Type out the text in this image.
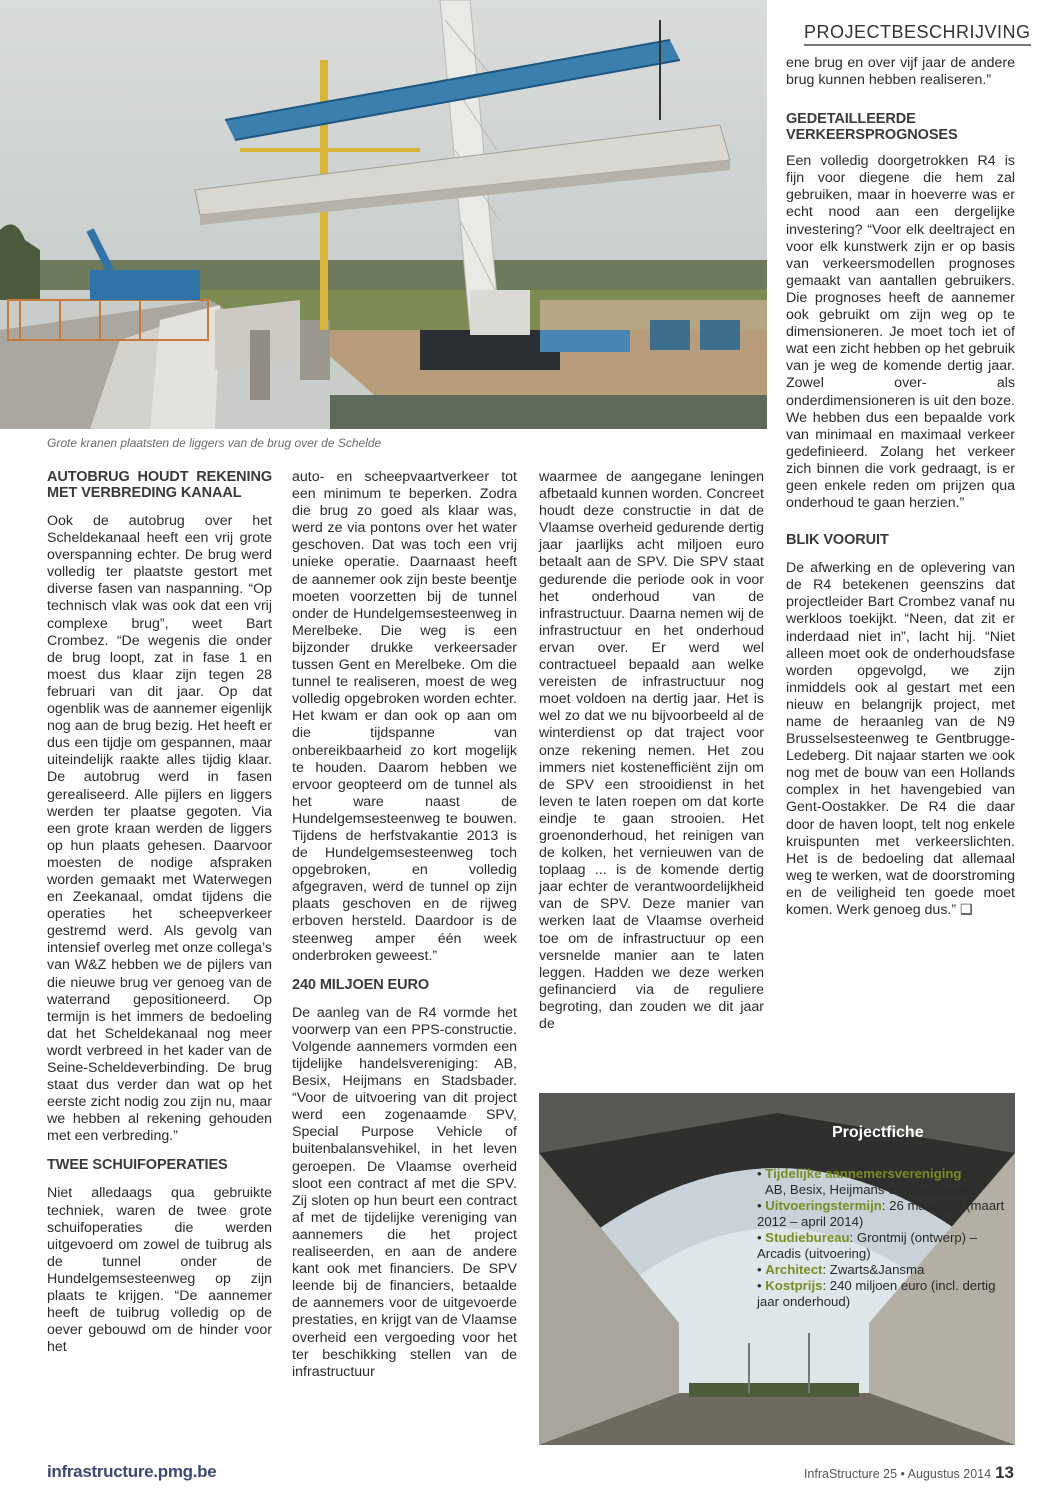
Grote kranen plaatsten de liggers van de brug over de Schelde
PROJECTBESCHRIJVING
AUTOBRUG HOUDT REKENING MET VERBREDING KANAAL

Ook de autobrug over het Scheldekanaal heeft een vrij grote overspanning echter. De brug werd volledig ter plaatste gestort met diverse fasen van naspanning. “Op technisch vlak was ook dat een vrij complexe brug”, weet Bart Crombez. “De wegenis die onder de brug loopt, zat in fase 1 en moest dus klaar zijn tegen 28 februari van dit jaar. Op dat ogenblik was de aannemer eigenlijk nog aan de brug bezig. Het heeft er dus een tijdje om gespannen, maar uiteindelijk raakte alles tijdig klaar. De autobrug werd in fasen gerealiseerd. Alle pijlers en liggers werden ter plaatse gegoten. Via een grote kraan werden de liggers op hun plaats gehesen. Daarvoor moesten de nodige afspraken worden gemaakt met Waterwegen en Zeekanaal, omdat tijdens die operaties het scheepverkeer gestremd werd. Als gevolg van intensief overleg met onze collega’s van W&Z hebben we de pijlers van die nieuwe brug ver genoeg van de waterrand gepositioneerd. Op termijn is het immers de bedoeling dat het Scheldekanaal nog meer wordt verbreed in het kader van de Seine-Scheldeverbinding. De brug staat dus verder dan wat op het eerste zicht nodig zou zijn nu, maar we hebben al rekening gehouden met een verbreding.”

TWEE SCHUIFOPERATIES

Niet alledaags qua gebruikte techniek, waren de twee grote schuifoperaties die werden uitgevoerd om zowel de tuibrug als de tunnel onder de Hundelgemsesteenweg op zijn plaats te krijgen. “De aannemer heeft de tuibrug volledig op de oever gebouwd om de hinder voor het

auto- en scheepvaartverkeer tot een minimum te beperken. Zodra die brug zo goed als klaar was, werd ze via pontons over het water geschoven. Dat was toch een vrij unieke operatie. Daarnaast heeft de aannemer ook zijn beste beentje moeten voorzetten bij de tunnel onder de Hundelgemsesteenweg in Merelbeke. Die weg is een bijzonder drukke verkeersader tussen Gent en Merelbeke. Om die tunnel te realiseren, moest de weg volledig opgebroken worden echter. Het kwam er dan ook op aan om die tijdspanne van onbereikbaarheid zo kort mogelijk te houden. Daarom hebben we ervoor geopteerd om de tunnel als het ware naast de Hundelgemsesteenweg te bouwen. Tijdens de herfstvakantie 2013 is de Hundelgemsesteenweg toch opgebroken, en volledig afgegraven, werd de tunnel op zijn plaats geschoven en de rijweg erboven hersteld. Daardoor is de steenweg amper één week onderbroken geweest.”

240 MILJOEN EURO

De aanleg van de R4 vormde het voorwerp van een PPS-constructie. Volgende aannemers vormden een tijdelijke handelsvereniging: AB, Besix, Heijmans en Stadsbader. “Voor de uitvoering van dit project werd een zogenaamde SPV, Special Purpose Vehicle of buitenbalansvehikel, in het leven geroepen. De Vlaamse overheid sloot een contract af met die SPV. Zij sloten op hun beurt een contract af met de tijdelijke vereniging van aannemers die het project realiseerden, en aan de andere kant ook met financiers. De SPV leende bij de financiers, betaalde de aannemers voor de uitgevoerde prestaties, en krijgt van de Vlaamse overheid een vergoeding voor het ter beschikking stellen van de infrastructuur

waarmee de aangegane leningen afbetaald kunnen worden. Concreet houdt deze constructie in dat de Vlaamse overheid gedurende dertig jaar jaarlijks acht miljoen euro betaalt aan de SPV. Die SPV staat gedurende die periode ook in voor het onderhoud van de infrastructuur. Daarna nemen wij de infrastructuur en het onderhoud ervan over. Er werd wel contractueel bepaald aan welke vereisten de infrastructuur nog moet voldoen na dertig jaar. Het is wel zo dat we nu bijvoorbeeld al de winterdienst op dat traject voor onze rekening nemen. Het zou immers niet kostenefficiënt zijn om de SPV een strooidienst in het leven te laten roepen om dat korte eindje te gaan strooien. Het groenonderhoud, het reinigen van de kolken, het vernieuwen van de toplaag ... is de komende dertig jaar echter de verantwoordelijkheid van de SPV. Deze manier van werken laat de Vlaamse overheid toe om de infrastructuur op een versnelde manier aan te laten leggen. Hadden we deze werken gefinancierd via de reguliere begroting, dan zouden we dit jaar de

ene brug en over vijf jaar de andere brug kunnen hebben realiseren.”

GEDETAILLEERDE VERKEERSPROGNOSES

Een volledig doorgetrokken R4 is fijn voor diegene die hem zal gebruiken, maar in hoeverre was er echt nood aan een dergelijke investering? “Voor elk deeltraject en voor elk kunstwerk zijn er op basis van verkeersmodellen prognoses gemaakt van aantallen gebruikers. Die prognoses heeft de aannemer ook gebruikt om zijn weg op te dimensioneren. Je moet toch iet of wat een zicht hebben op het gebruik van je weg de komende dertig jaar. Zowel over- als onderdimensioneren is uit den boze. We hebben dus een bepaalde vork van minimaal en maximaal verkeer gedefinieerd. Zolang het verkeer zich binnen die vork gedraagt, is er geen enkele reden om prijzen qua onderhoud te gaan herzien.”

BLIK VOORUIT

De afwerking en de oplevering van de R4 betekenen geenszins dat projectleider Bart Crombez vanaf nu werkloos toekijkt. “Neen, dat zit er inderdaad niet in”, lacht hij. “Niet alleen moet ook de onderhoudsfase worden opgevolgd, we zijn inmiddels ook al gestart met een nieuw en belangrijk project, met name de heraanleg van de N9 Brusselsesteenweg te Gentbrugge-Ledeberg. Dit najaar starten we ook nog met de bouw van een Hollands complex in het havengebied van Gent-Oostakker. De R4 die daar door de haven loopt, telt nog enkele kruispunten met verkeerslichten. Het is de bedoeling dat allemaal weg te werken, wat de doorstroming en de veiligheid ten goede moet komen. Werk genoeg dus.” ❑

Projectfiche
• Tijdelijke aannemersvereniging:
AB, Besix, Heijmans en Stadsbader
• Uitvoeringstermijn: 26 maanden (maart 2012 – april 2014)
• Studiebureau: Grontmij (ontwerp) – Arcadis (uitvoering)
• Architect: Zwarts&Jansma
• Kostprijs: 240 miljoen euro (incl. dertig jaar onderhoud)
infrastructure.pmg.be	InfraStructure 25 • Augustus 2014 13
